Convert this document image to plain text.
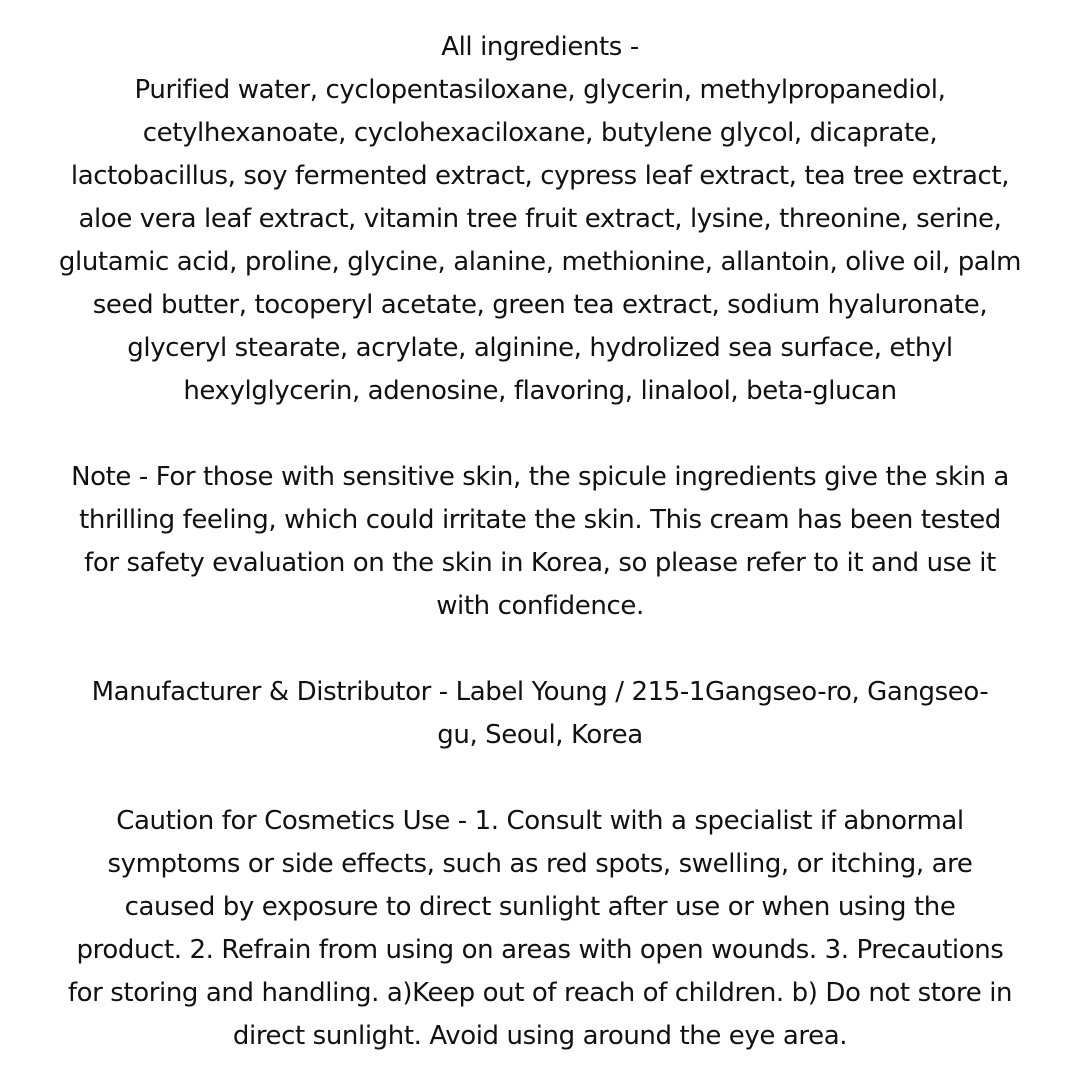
All ingredients -
Purified water, cyclopentasiloxane, glycerin, methylpropanediol,
cetylhexanoate, cyclohexaciloxane, butylene glycol, dicaprate,
lactobacillus, soy fermented extract, cypress leaf extract, tea tree extract,
aloe vera leaf extract, vitamin tree fruit extract, lysine, threonine, serine,
glutamic acid, proline, glycine, alanine, methionine, allantoin, olive oil, palm
seed butter, tocoperyl acetate, green tea extract, sodium hyaluronate,
glyceryl stearate, acrylate, alginine, hydrolized sea surface, ethyl
hexylglycerin, adenosine, flavoring, linalool, beta-glucan
Note - For those with sensitive skin, the spicule ingredients give the skin a
thrilling feeling, which could irritate the skin. This cream has been tested
for safety evaluation on the skin in Korea, so please refer to it and use it
with confidence.
Manufacturer & Distributor - Label Young / 215-1Gangseo-ro, Gangseo-
gu, Seoul, Korea
Caution for Cosmetics Use - 1. Consult with a specialist if abnormal
symptoms or side effects, such as red spots, swelling, or itching, are
caused by exposure to direct sunlight after use or when using the
product. 2. Refrain from using on areas with open wounds. 3. Precautions
for storing and handling. a)Keep out of reach of children. b) Do not store in
direct sunlight. Avoid using around the eye area.
